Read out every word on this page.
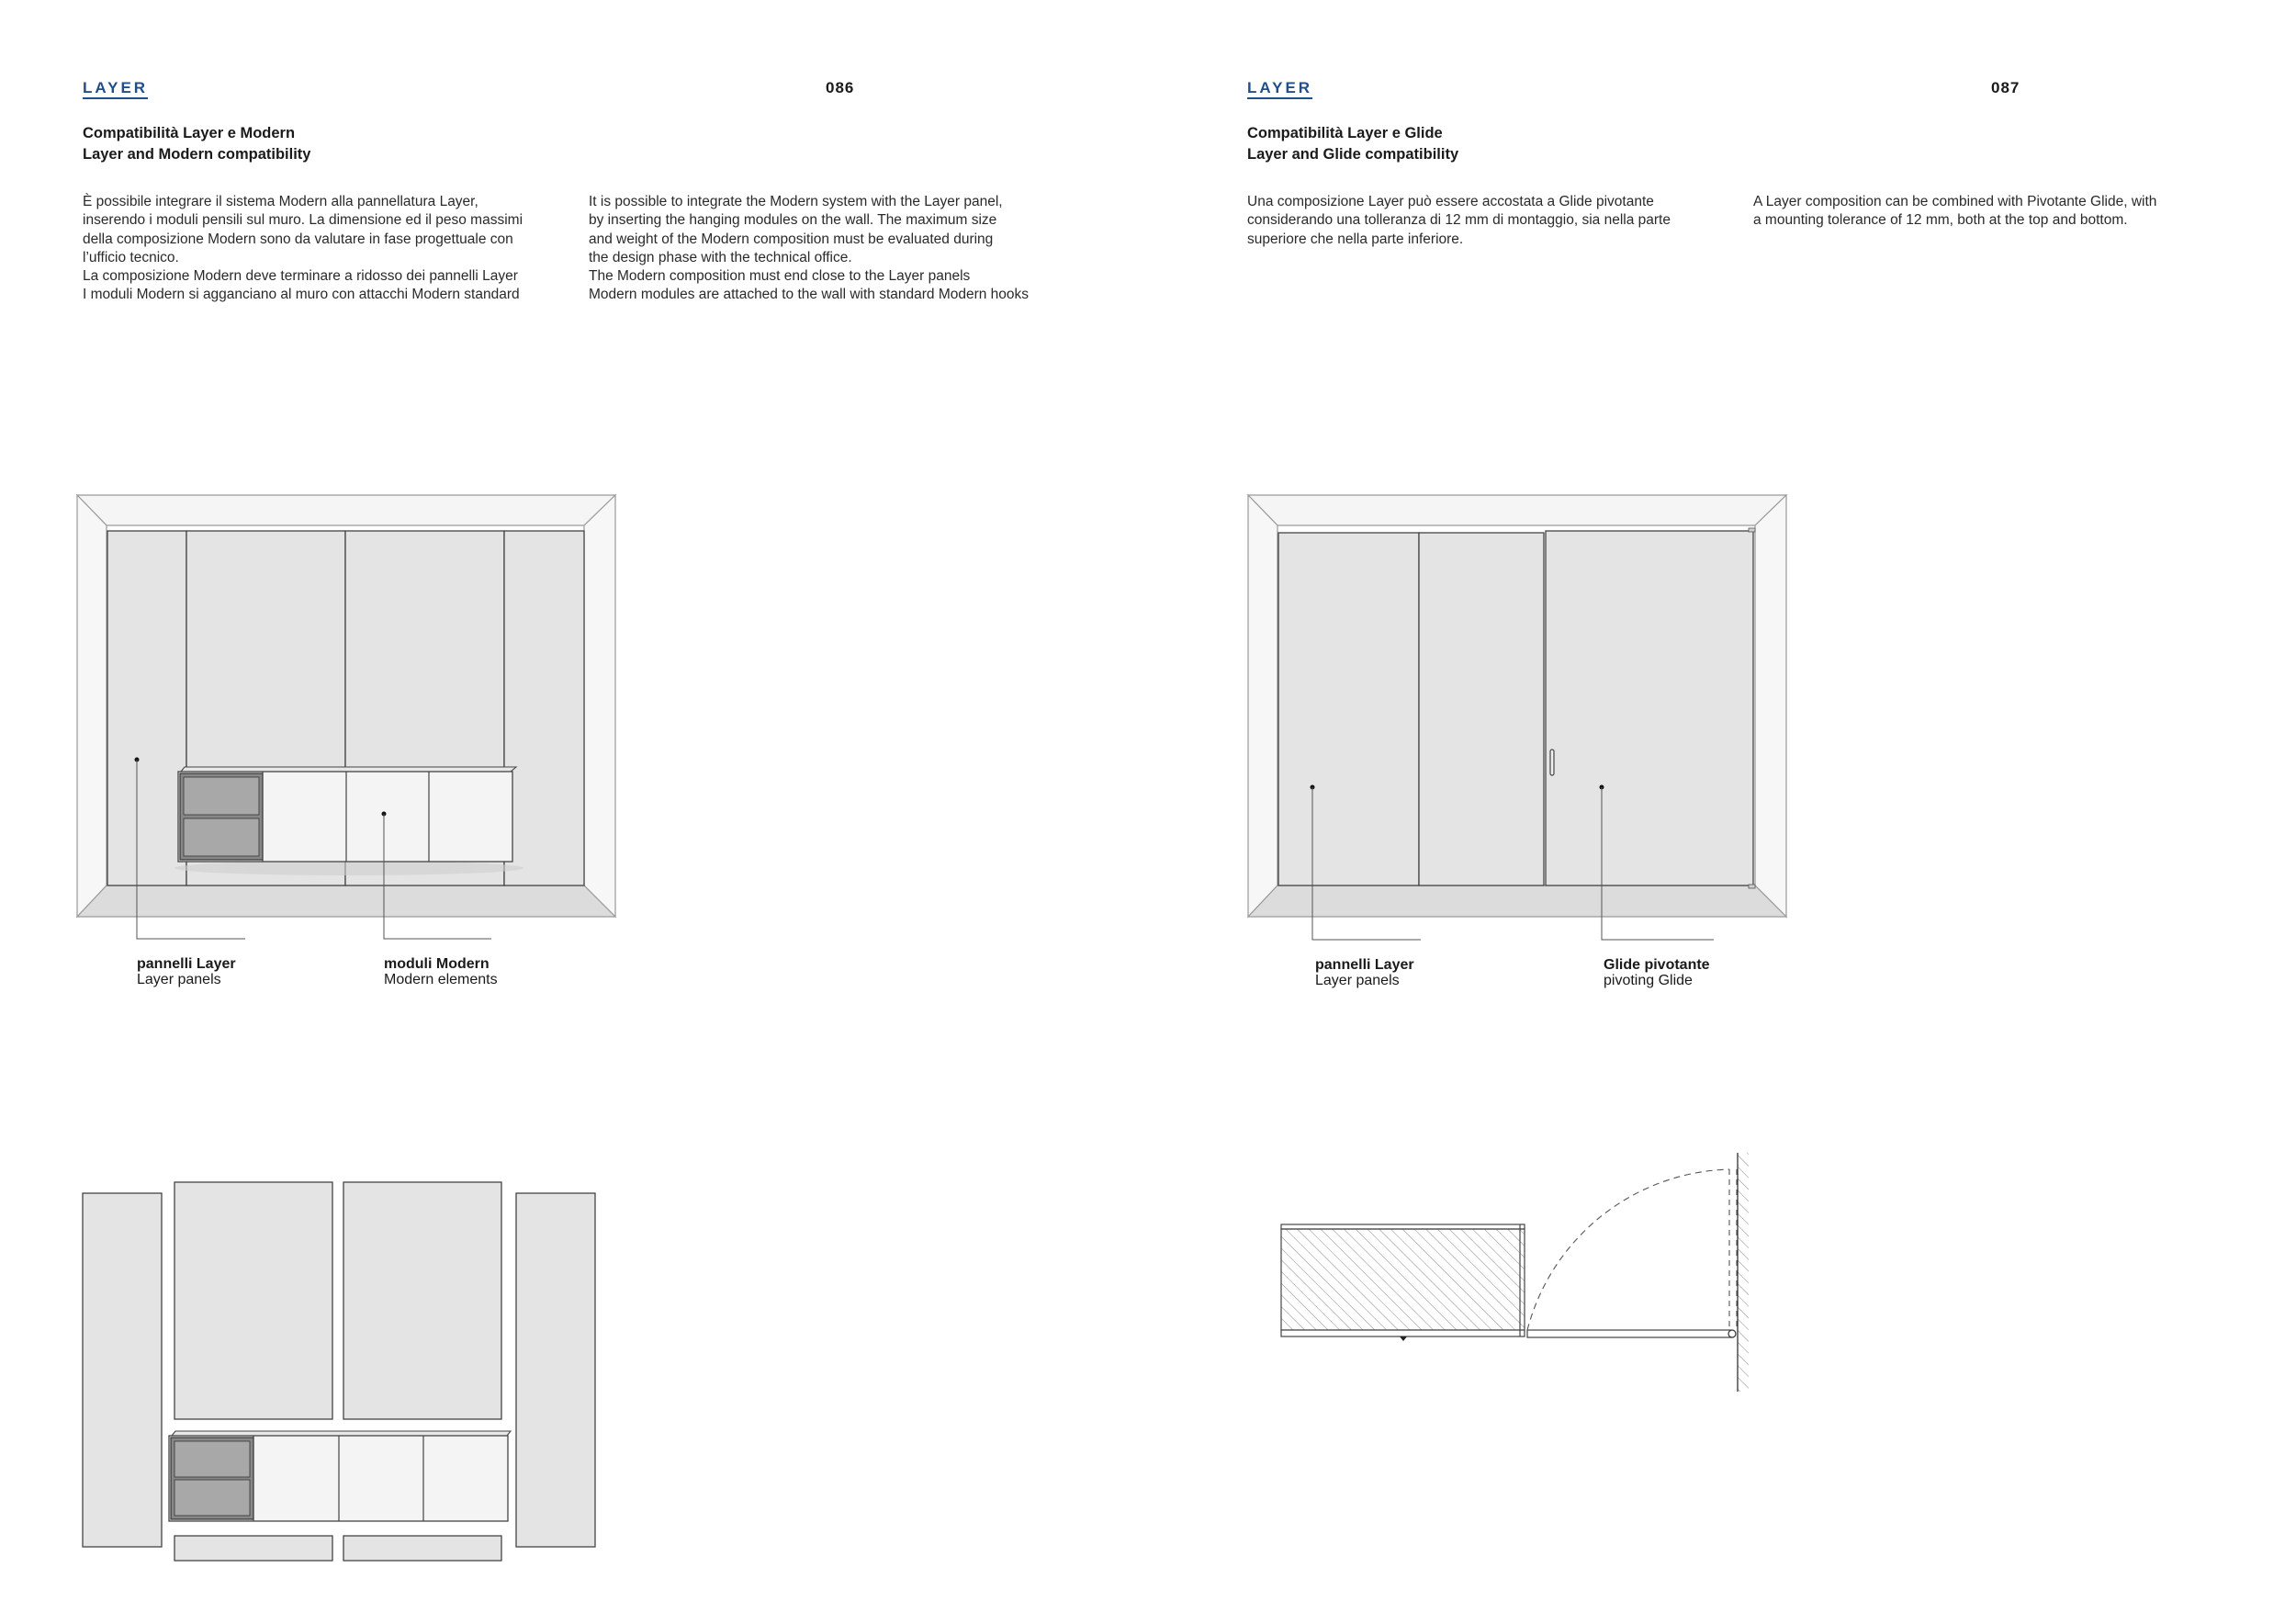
LAYER	086
Compatibilità Layer e Modern
Layer and Modern compatibility
È possibile integrare il sistema Modern alla pannellatura Layer,
inserendo i moduli pensili sul muro. La dimensione ed il peso massimi
della composizione Modern sono da valutare in fase progettuale con
l’ufficio tecnico.
La composizione Modern deve terminare a ridosso dei pannelli Layer
I moduli Modern si agganciano al muro con attacchi Modern standard
It is possible to integrate the Modern system with the Layer panel,
by inserting the hanging modules on the wall. The maximum size
and weight of the Modern composition must be evaluated during
the design phase with the technical office.
The Modern composition must end close to the Layer panels
Modern modules are attached to the wall with standard Modern hooks
pannelli Layer
Layer panels
moduli Modern
Modern elements
LAYER	087
Compatibilità Layer e Glide
Layer and Glide compatibility
Una composizione Layer può essere accostata a Glide pivotante
considerando una tolleranza di 12 mm di montaggio, sia nella parte
superiore che nella parte inferiore.
A Layer composition can be combined with Pivotante Glide, with
a mounting tolerance of 12 mm, both at the top and bottom.
pannelli Layer
Layer panels
Glide pivotante
pivoting Glide
